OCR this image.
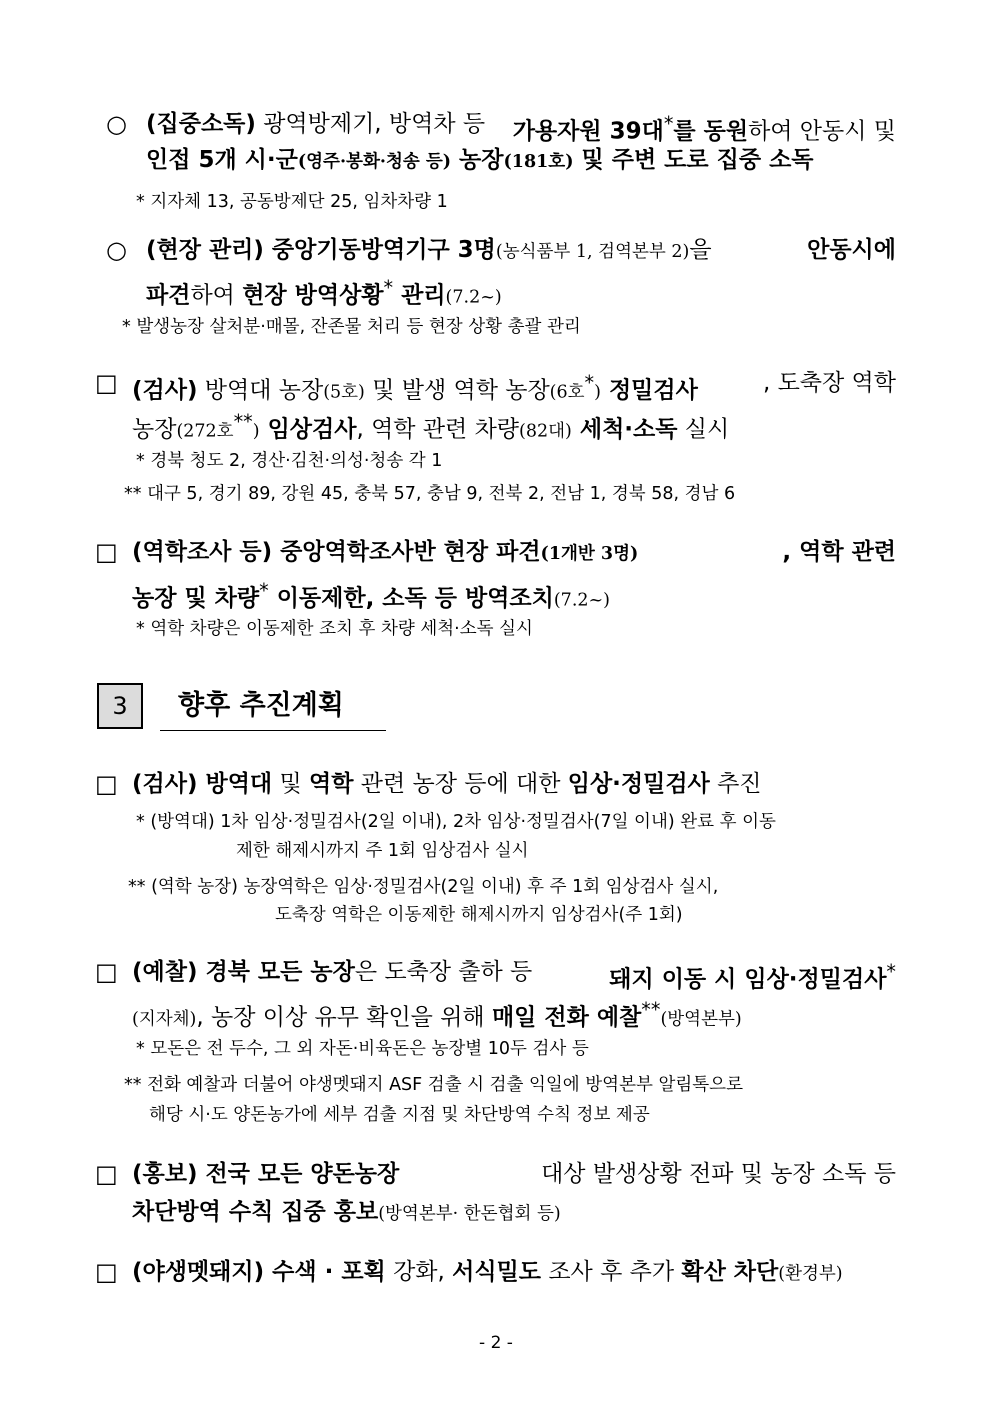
○ (집중소독) 광역방제기, 방역차 등 가용자원 39대*를 동원하여 안동시 및
인접 5개 시·군(영주·봉화·청송 등) 농장(181호) 및 주변 도로 집중 소독
* 지자체 13, 공동방제단 25, 임차차량 1
○ (현장 관리) 중앙기동방역기구 3명(농식품부 1, 검역본부 2)을	안동시에
파견하여 현장 방역상황* 관리(7.2~)
* 발생농장 살처분·매몰, 잔존물 처리 등 현장 상황 총괄 관리
□ (검사) 방역대 농장(5호) 및 발생 역학 농장(6호*) 정밀검사	, 도축장 역학
농장(272호**) 임상검사, 역학 관련 차량(82대) 세척·소독 실시
* 경북 청도 2, 경산·김천·의성·청송 각 1
** 대구 5, 경기 89, 강원 45, 충북 57, 충남 9, 전북 2, 전남 1, 경북 58, 경남 6
□ (역학조사 등) 중앙역학조사반 현장 파견(1개반 3명)	, 역학 관련
농장 및 차량* 이동제한, 소독 등 방역조치(7.2~)
* 역학 차량은 이동제한 조치 후 차량 세척·소독 실시
3	향후 추진계획
□ (검사) 방역대 및 역학 관련 농장 등에 대한 임상·정밀검사 추진
* (방역대) 1차 임상·정밀검사(2일 이내), 2차 임상·정밀검사(7일 이내) 완료 후 이동
제한 해제시까지 주 1회 임상검사 실시
** (역학 농장) 농장역학은 임상·정밀검사(2일 이내) 후 주 1회 임상검사 실시,
도축장 역학은 이동제한 해제시까지 임상검사(주 1회)
□ (예찰) 경북 모든 농장은 도축장 출하 등	돼지 이동 시 임상·정밀검사*
(지자체), 농장 이상 유무 확인을 위해 매일 전화 예찰**(방역본부)
* 모돈은 전 두수, 그 외 자돈·비육돈은 농장별 10두 검사 등
** 전화 예찰과 더불어 야생멧돼지 ASF 검출 시 검출 익일에 방역본부 알림톡으로
해당 시·도 양돈농가에 세부 검출 지점 및 차단방역 수칙 정보 제공
□ (홍보) 전국 모든 양돈농장	대상 발생상황 전파 및 농장 소독 등
차단방역 수칙 집중 홍보(방역본부· 한돈협회 등)
□ (야생멧돼지) 수색 · 포획 강화, 서식밀도 조사 후 추가 확산 차단(환경부)
- 2 -
